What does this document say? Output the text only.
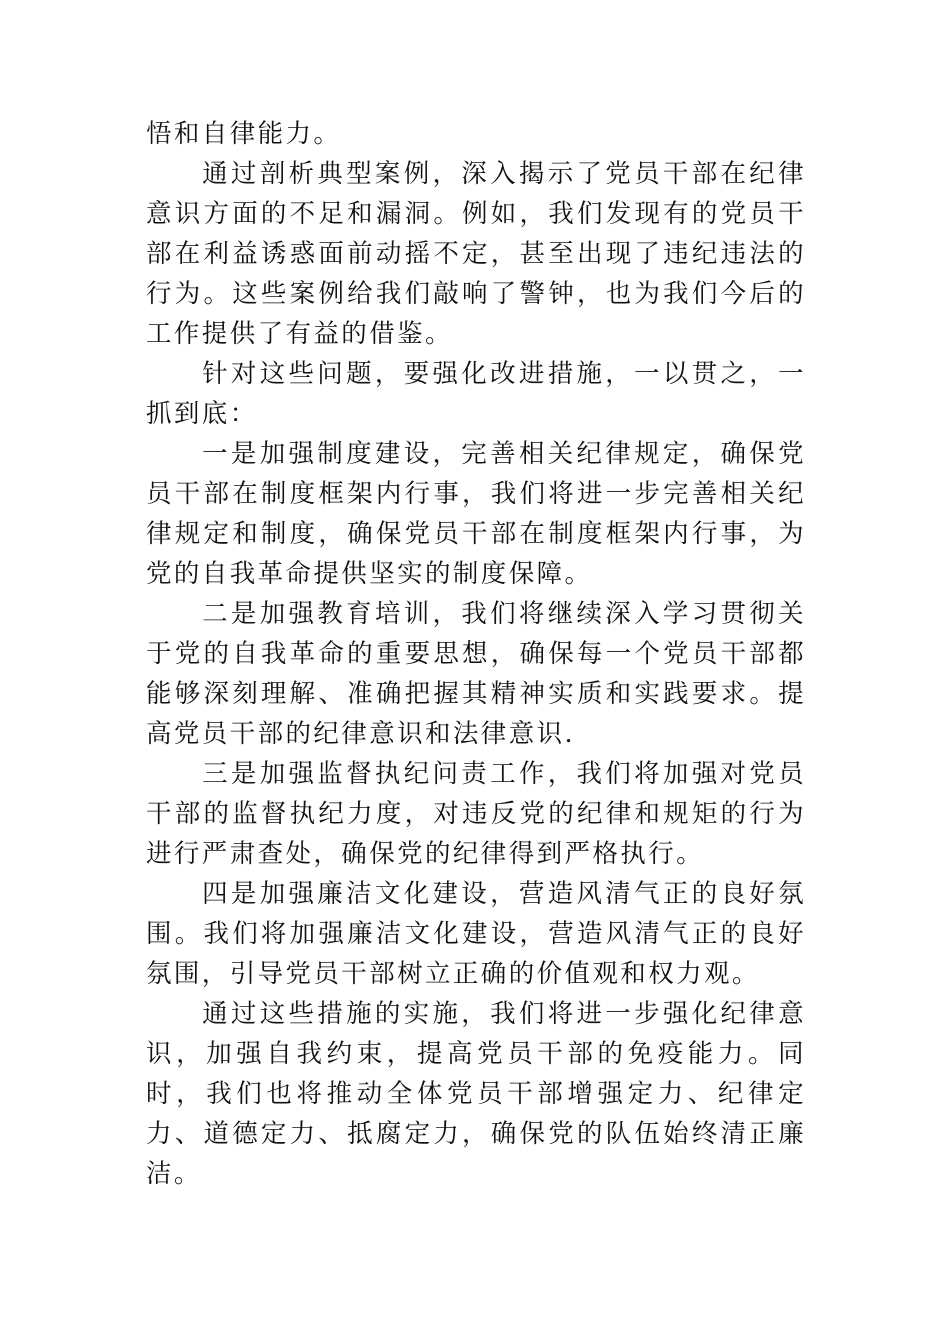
悟和自律能力。

通过剖析典型案例，深入揭示了党员干部在纪律意识方面的不足和漏洞。例如，我们发现有的党员干部在利益诱惑面前动摇不定，甚至出现了违纪违法的行为。这些案例给我们敲响了警钟，也为我们今后的工作提供了有益的借鉴。

针对这些问题，要强化改进措施，一以贯之，一抓到底：

一是加强制度建设，完善相关纪律规定，确保党员干部在制度框架内行事，我们将进一步完善相关纪律规定和制度，确保党员干部在制度框架内行事，为党的自我革命提供坚实的制度保障。

二是加强教育培训，我们将继续深入学习贯彻关于党的自我革命的重要思想，确保每一个党员干部都能够深刻理解、准确把握其精神实质和实践要求。提高党员干部的纪律意识和法律意识.

三是加强监督执纪问责工作，我们将加强对党员干部的监督执纪力度，对违反党的纪律和规矩的行为进行严肃查处，确保党的纪律得到严格执行。

四是加强廉洁文化建设，营造风清气正的良好氛围。我们将加强廉洁文化建设，营造风清气正的良好氛围，引导党员干部树立正确的价值观和权力观。

通过这些措施的实施，我们将进一步强化纪律意识，加强自我约束，提高党员干部的免疫能力。同时，我们也将推动全体党员干部增强定力、纪律定力、道德定力、抵腐定力，确保党的队伍始终清正廉洁。
